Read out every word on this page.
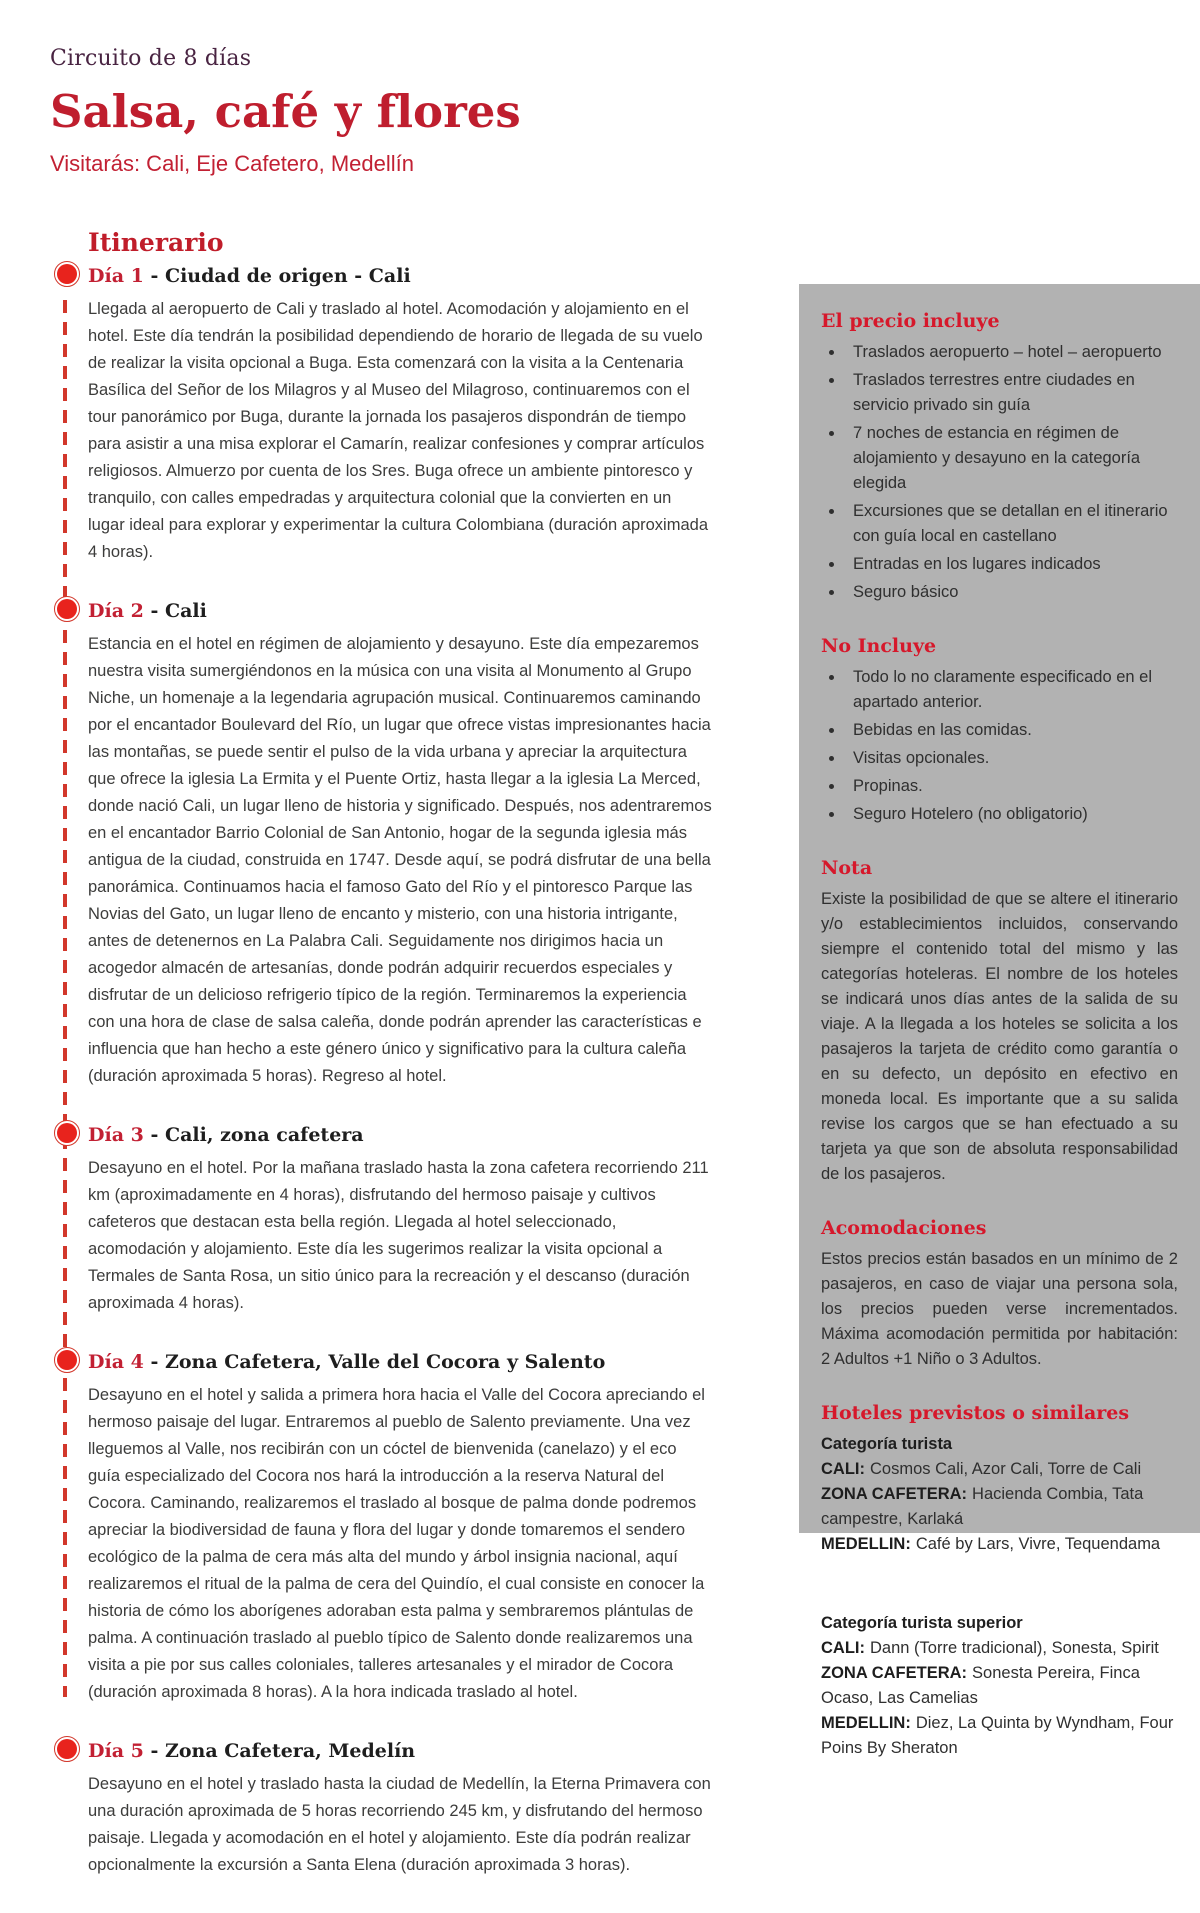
Circuito de 8 días
Salsa, café y flores
Visitarás: Cali, Eje Cafetero, Medellín
Itinerario
Día 1 - Ciudad de origen - Cali

Llegada al aeropuerto de Cali y traslado al hotel. Acomodación y alojamiento en el hotel. Este día tendrán la posibilidad dependiendo de horario de llegada de su vuelo de realizar la visita opcional a Buga. Esta comenzará con la visita a la Centenaria Basílica del Señor de los Milagros y al Museo del Milagroso, continuaremos con el tour panorámico por Buga, durante la jornada los pasajeros dispondrán de tiempo para asistir a una misa explorar el Camarín, realizar confesiones y comprar artículos religiosos. Almuerzo por cuenta de los Sres. Buga ofrece un ambiente pintoresco y tranquilo, con calles empedradas y arquitectura colonial que la convierten en un lugar ideal para explorar y experimentar la cultura Colombiana (duración aproximada 4 horas).

Día 2 - Cali

Estancia en el hotel en régimen de alojamiento y desayuno. Este día empezaremos nuestra visita sumergiéndonos en la música con una visita al Monumento al Grupo Niche, un homenaje a la legendaria agrupación musical. Continuaremos caminando por el encantador Boulevard del Río, un lugar que ofrece vistas impresionantes hacia las montañas, se puede sentir el pulso de la vida urbana y apreciar la arquitectura que ofrece la iglesia La Ermita y el Puente Ortiz, hasta llegar a la iglesia La Merced, donde nació Cali, un lugar lleno de historia y significado. Después, nos adentraremos en el encantador Barrio Colonial de San Antonio, hogar de la segunda iglesia más antigua de la ciudad, construida en 1747. Desde aquí, se podrá disfrutar de una bella panorámica. Continuamos hacia el famoso Gato del Río y el pintoresco Parque las Novias del Gato, un lugar lleno de encanto y misterio, con una historia intrigante, antes de detenernos en La Palabra Cali. Seguidamente nos dirigimos hacia un acogedor almacén de artesanías, donde podrán adquirir recuerdos especiales y disfrutar de un delicioso refrigerio típico de la región. Terminaremos la experiencia con una hora de clase de salsa caleña, donde podrán aprender las características e influencia que han hecho a este género único y significativo para la cultura caleña (duración aproximada 5 horas). Regreso al hotel.

Día 3 - Cali, zona cafetera

Desayuno en el hotel. Por la mañana traslado hasta la zona cafetera recorriendo 211 km (aproximadamente en 4 horas), disfrutando del hermoso paisaje y cultivos cafeteros que destacan esta bella región. Llegada al hotel seleccionado, acomodación y alojamiento. Este día les sugerimos realizar la visita opcional a Termales de Santa Rosa, un sitio único para la recreación y el descanso (duración aproximada 4 horas).

Día 4 - Zona Cafetera, Valle del Cocora y Salento

Desayuno en el hotel y salida a primera hora hacia el Valle del Cocora apreciando el hermoso paisaje del lugar. Entraremos al pueblo de Salento previamente. Una vez lleguemos al Valle, nos recibirán con un cóctel de bienvenida (canelazo) y el eco guía especializado del Cocora nos hará la introducción a la reserva Natural del Cocora. Caminando, realizaremos el traslado al bosque de palma donde podremos apreciar la biodiversidad de fauna y flora del lugar y donde tomaremos el sendero ecológico de la palma de cera más alta del mundo y árbol insignia nacional, aquí realizaremos el ritual de la palma de cera del Quindío, el cual consiste en conocer la historia de cómo los aborígenes adoraban esta palma y sembraremos plántulas de palma. A continuación traslado al pueblo típico de Salento donde realizaremos una visita a pie por sus calles coloniales, talleres artesanales y el mirador de Cocora (duración aproximada 8 horas). A la hora indicada traslado al hotel.

Día 5 - Zona Cafetera, Medelín

Desayuno en el hotel y traslado hasta la ciudad de Medellín, la Eterna Primavera con una duración aproximada de 5 horas recorriendo 245 km, y disfrutando del hermoso paisaje. Llegada y acomodación en el hotel y alojamiento. Este día podrán realizar opcionalmente la excursión a Santa Elena (duración aproximada 3 horas).

El precio incluye
• Traslados aeropuerto – hotel – aeropuerto
• Traslados terrestres entre ciudades en servicio privado sin guía
• 7 noches de estancia en régimen de alojamiento y desayuno en la categoría elegida
• Excursiones que se detallan en el itinerario con guía local en castellano
• Entradas en los lugares indicados
• Seguro básico
No Incluye
• Todo lo no claramente especificado en el apartado anterior.
• Bebidas en las comidas.
• Visitas opcionales.
• Propinas.
• Seguro Hotelero (no obligatorio)
Nota

Existe la posibilidad de que se altere el itinerario y/o establecimientos incluidos, conservando siempre el contenido total del mismo y las categorías hoteleras. El nombre de los hoteles se indicará unos días antes de la salida de su viaje. A la llegada a los hoteles se solicita a los pasajeros la tarjeta de crédito como garantía o en su defecto, un depósito en efectivo en moneda local. Es importante que a su salida revise los cargos que se han efectuado a su tarjeta ya que son de absoluta responsabilidad de los pasajeros.

Acomodaciones

Estos precios están basados en un mínimo de 2 pasajeros, en caso de viajar una persona sola, los precios pueden verse incrementados. Máxima acomodación permitida por habitación: 2 Adultos +1 Niño o 3 Adultos.

Hoteles previstos o similares
Categoría turista
CALI: Cosmos Cali, Azor Cali, Torre de Cali
ZONA CAFETERA: Hacienda Combia, Tata campestre, Karlaká
MEDELLIN: Café by Lars, Vivre, Tequendama
Categoría turista superior
CALI: Dann (Torre tradicional), Sonesta, Spirit
ZONA CAFETERA: Sonesta Pereira, Finca Ocaso, Las Camelias
MEDELLIN: Diez, La Quinta by Wyndham, Four Poins By Sheraton
